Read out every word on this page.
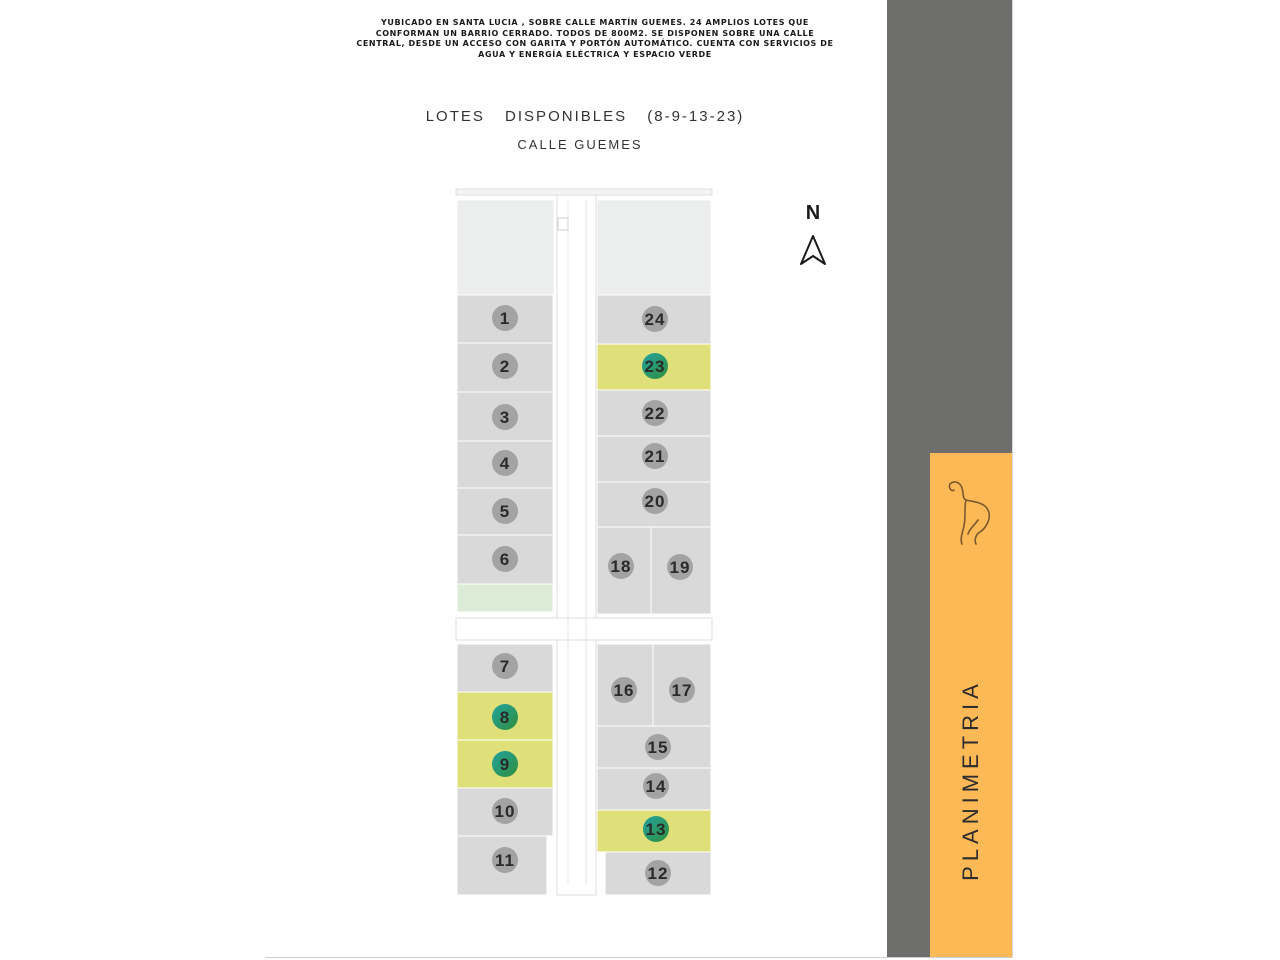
YUBICADO EN SANTA LUCIA , SOBRE CALLE MARTÍN GUEMES. 24 AMPLIOS LOTES QUE
CONFORMAN UN BARRIO CERRADO. TODOS DE 800M2. SE DISPONEN SOBRE UNA CALLE
CENTRAL, DESDE UN ACCESO CON GARITA Y PORTÓN AUTOMÁTICO. CUENTA CON SERVICIOS DE
AGUA Y ENERGÍA ELÉCTRICA Y ESPACIO VERDE
LOTES DISPONIBLES (8-9-13-23)
CALLE GUEMES
N
1
2
3
4
5
6
7
8
9
10
11
12
13
14
15
16 17
18 19
20
21
22
23
24
PLANIMETRIA
